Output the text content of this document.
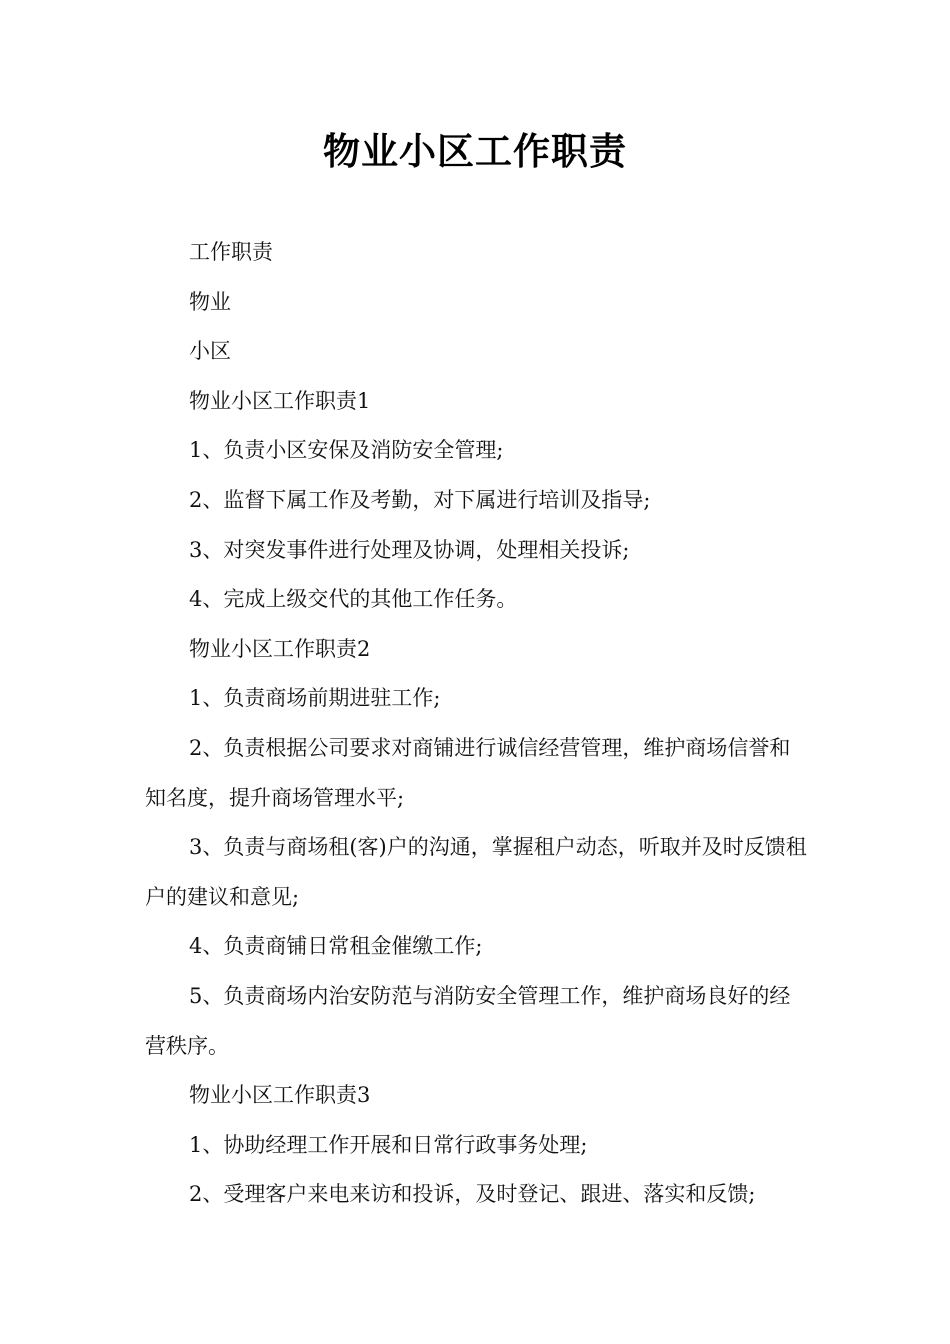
物业小区工作职责

工作职责

物业

小区

物业小区工作职责1

1、负责小区安保及消防安全管理;

2、监督下属工作及考勤，对下属进行培训及指导;

3、对突发事件进行处理及协调，处理相关投诉;

4、完成上级交代的其他工作任务。

物业小区工作职责2

1、负责商场前期进驻工作;

2、负责根据公司要求对商铺进行诚信经营管理，维护商场信誉和知名度，提升商场管理水平;

3、负责与商场租(客)户的沟通，掌握租户动态，听取并及时反馈租户的建议和意见;

4、负责商铺日常租金催缴工作;

5、负责商场内治安防范与消防安全管理工作，维护商场良好的经营秩序。

物业小区工作职责3

1、协助经理工作开展和日常行政事务处理;

2、受理客户来电来访和投诉，及时登记、跟进、落实和反馈;
